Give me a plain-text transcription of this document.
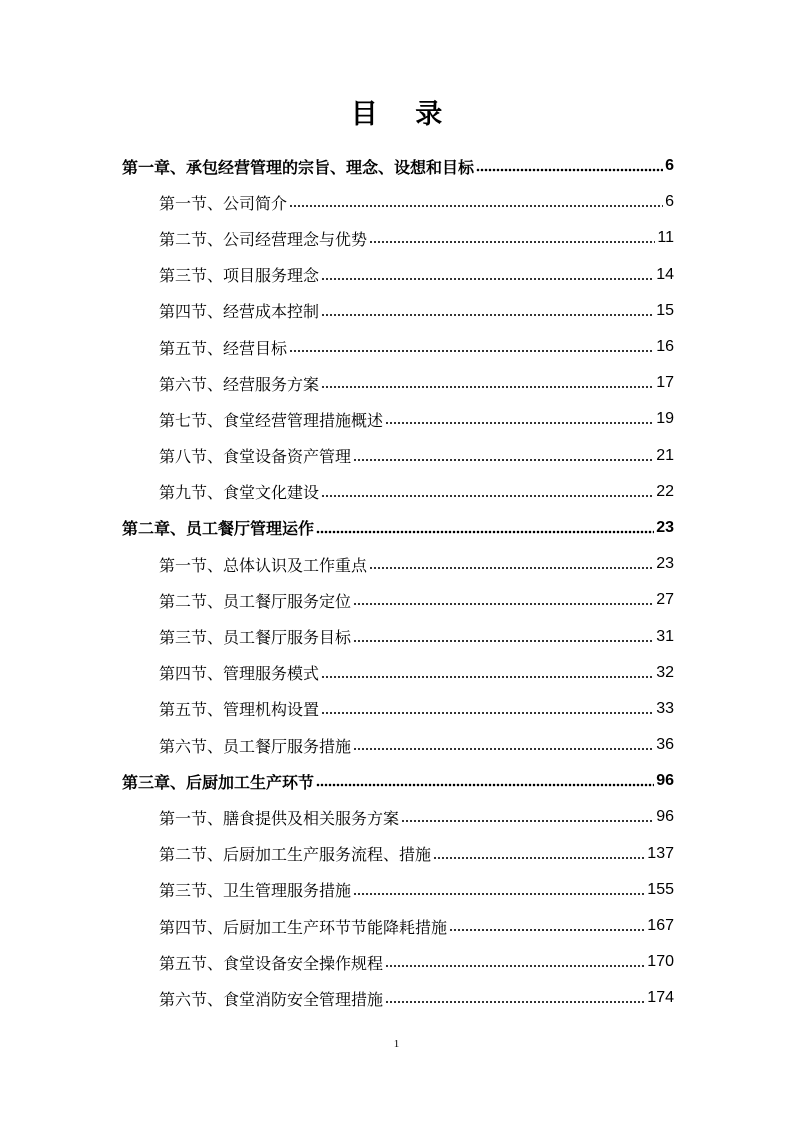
目 录
第一章、承包经营管理的宗旨、理念、设想和目标	6
第一节、公司简介	6
第二节、公司经营理念与优势	11
第三节、项目服务理念	14
第四节、经营成本控制	15
第五节、经营目标	16
第六节、经营服务方案	17
第七节、食堂经营管理措施概述	19
第八节、食堂设备资产管理	21
第九节、食堂文化建设	22
第二章、员工餐厅管理运作	23
第一节、总体认识及工作重点	23
第二节、员工餐厅服务定位	27
第三节、员工餐厅服务目标	31
第四节、管理服务模式	32
第五节、管理机构设置	33
第六节、员工餐厅服务措施	36
第三章、后厨加工生产环节	96
第一节、膳食提供及相关服务方案	96
第二节、后厨加工生产服务流程、措施	137
第三节、卫生管理服务措施	155
第四节、后厨加工生产环节节能降耗措施	167
第五节、食堂设备安全操作规程	170
第六节、食堂消防安全管理措施	174
1
